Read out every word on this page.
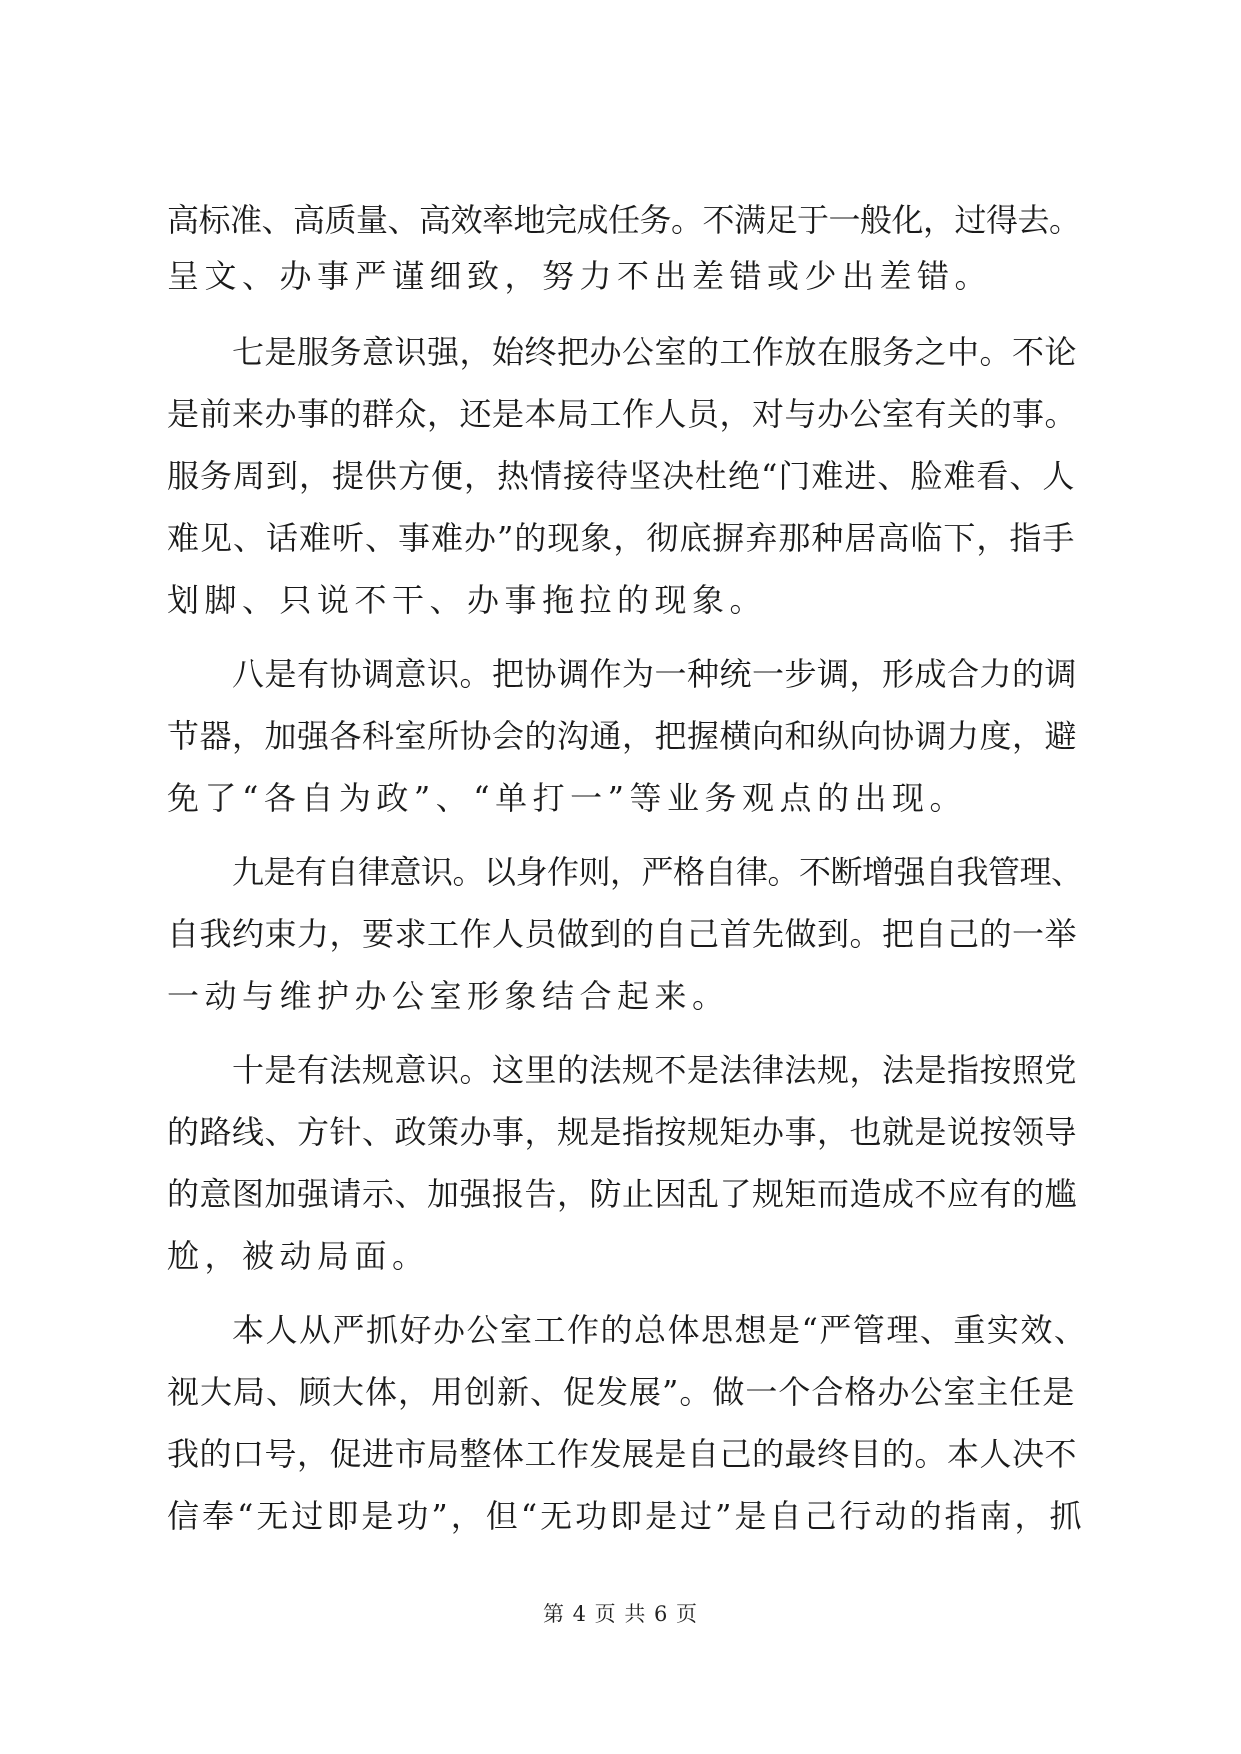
高标准、高质量、高效率地完成任务。不满足于一般化，过得去。
呈文、办事严谨细致，努力不出差错或少出差错。
七是服务意识强，始终把办公室的工作放在服务之中。不论
是前来办事的群众，还是本局工作人员，对与办公室有关的事。
服务周到，提供方便，热情接待坚决杜绝“门难进、脸难看、人
难见、话难听、事难办”的现象，彻底摒弃那种居高临下，指手
划脚、只说不干、办事拖拉的现象。
八是有协调意识。把协调作为一种统一步调，形成合力的调
节器，加强各科室所协会的沟通，把握横向和纵向协调力度，避
免了“各自为政”、“单打一”等业务观点的出现。
九是有自律意识。以身作则，严格自律。不断增强自我管理、
自我约束力，要求工作人员做到的自己首先做到。把自己的一举
一动与维护办公室形象结合起来。
十是有法规意识。这里的法规不是法律法规，法是指按照党
的路线、方针、政策办事，规是指按规矩办事，也就是说按领导
的意图加强请示、加强报告，防止因乱了规矩而造成不应有的尴
尬，被动局面。
本人从严抓好办公室工作的总体思想是“严管理、重实效、
视大局、顾大体，用创新、促发展”。做一个合格办公室主任是
我的口号，促进市局整体工作发展是自己的最终目的。本人决不
信奉“无过即是功”，但“无功即是过”是自己行动的指南，抓
第 4 页 共 6 页
